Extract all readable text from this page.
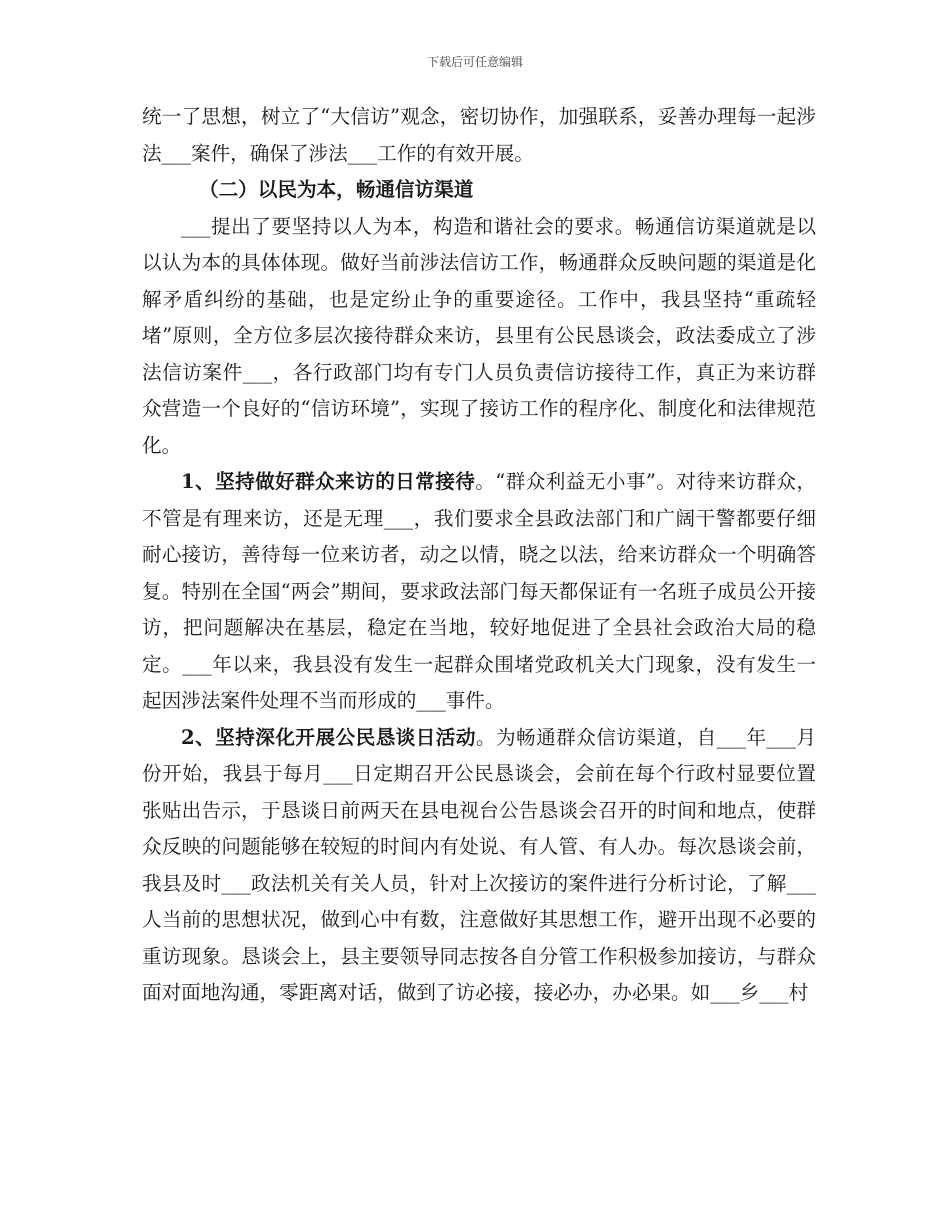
下载后可任意编辑

统一了思想，树立了“大信访”观念，密切协作，加强联系，妥善办理每一起涉法___案件，确保了涉法___工作的有效开展。

（二）以民为本，畅通信访渠道

___提出了要坚持以人为本，构造和谐社会的要求。畅通信访渠道就是以以认为本的具体体现。做好当前涉法信访工作，畅通群众反映问题的渠道是化解矛盾纠纷的基础，也是定纷止争的重要途径。工作中，我县坚持“重疏轻堵”原则，全方位多层次接待群众来访，县里有公民恳谈会，政法委成立了涉法信访案件___，各行政部门均有专门人员负责信访接待工作，真正为来访群众营造一个良好的“信访环境”，实现了接访工作的程序化、制度化和法律规范化。

1、坚持做好群众来访的日常接待。“群众利益无小事”。对待来访群众，不管是有理来访，还是无理___，我们要求全县政法部门和广阔干警都要仔细耐心接访，善待每一位来访者，动之以情，晓之以法，给来访群众一个明确答复。特别在全国“两会”期间，要求政法部门每天都保证有一名班子成员公开接访，把问题解决在基层，稳定在当地，较好地促进了全县社会政治大局的稳定。___年以来，我县没有发生一起群众围堵党政机关大门现象，没有发生一起因涉法案件处理不当而形成的___事件。

2、坚持深化开展公民恳谈日活动。为畅通群众信访渠道，自___年___月份开始，我县于每月___日定期召开公民恳谈会，会前在每个行政村显要位置张贴出告示，于恳谈日前两天在县电视台公告恳谈会召开的时间和地点，使群众反映的问题能够在较短的时间内有处说、有人管、有人办。每次恳谈会前，我县及时___政法机关有关人员，针对上次接访的案件进行分析讨论，了解___人当前的思想状况，做到心中有数，注意做好其思想工作，避开出现不必要的重访现象。恳谈会上，县主要领导同志按各自分管工作积极参加接访，与群众面对面地沟通，零距离对话，做到了访必接，接必办，办必果。如___乡___村
